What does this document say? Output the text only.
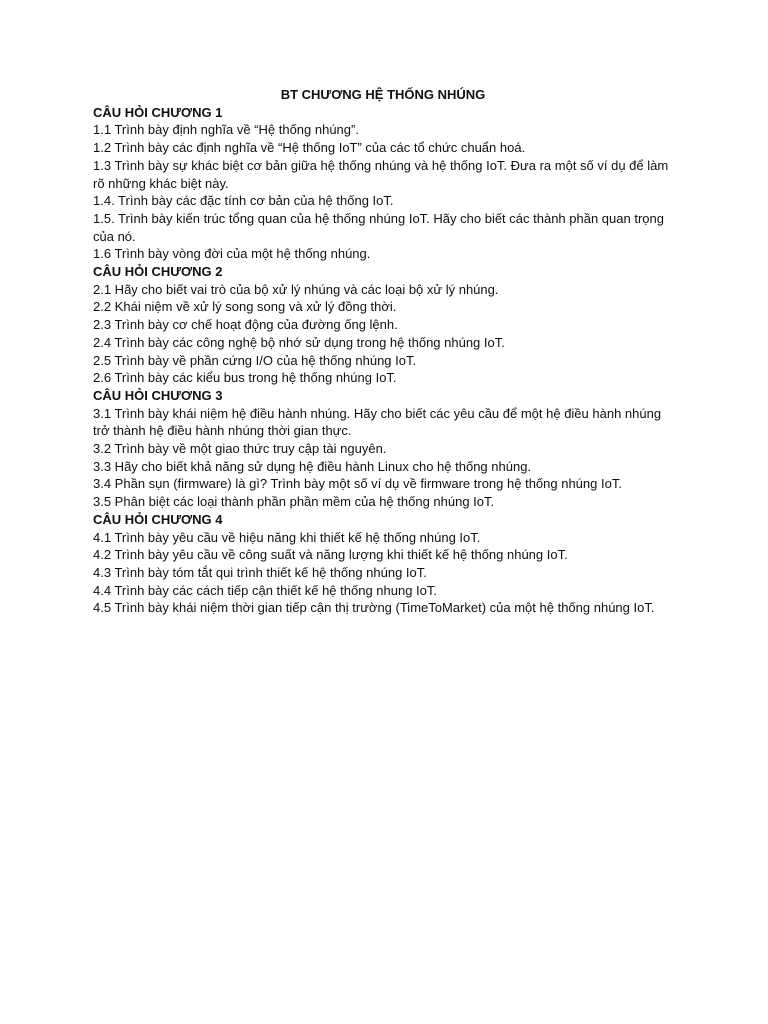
BT CHƯƠNG HỆ THỐNG NHÚNG

CÂU HỎI CHƯƠNG 1

1.1 Trình bày định nghĩa về “Hệ thống nhúng”.

1.2 Trình bày các định nghĩa về “Hệ thống IoT” của các tổ chức chuẩn hoá.

1.3 Trình bày sự khác biệt cơ bản giữa hệ thống nhúng và hệ thống IoT. Đưa ra một số ví dụ để làm rõ những khác biệt này.

1.4. Trình bày các đặc tính cơ bản của hệ thống IoT.

1.5. Trình bày kiến trúc tổng quan của hệ thống nhúng IoT. Hãy cho biết các thành phần quan trọng của nó.

1.6 Trình bày vòng đời của một hệ thống nhúng.

CÂU HỎI CHƯƠNG 2

2.1 Hãy cho biết vai trò của bộ xử lý nhúng và các loại bộ xử lý nhúng.

2.2 Khái niệm về xử lý song song và xử lý đồng thời.

2.3 Trình bày cơ chế hoạt động của đường ống lệnh.

2.4 Trình bày các công nghệ bộ nhớ sử dụng trong hệ thống nhúng IoT.

2.5 Trình bày về phần cứng I/O của hệ thống nhúng IoT.

2.6 Trình bày các kiểu bus trong hệ thống nhúng IoT.

CÂU HỎI CHƯƠNG 3

3.1 Trình bày khái niệm hệ điều hành nhúng. Hãy cho biết các yêu cầu để một hệ điều hành nhúng trở thành hệ điều hành nhúng thời gian thực.

3.2 Trình bày về một giao thức truy cập tài nguyên.

3.3 Hãy cho biết khả năng sử dụng hệ điều hành Linux cho hệ thống nhúng.

3.4 Phần sụn (firmware) là gì? Trình bày một số ví dụ về firmware trong hệ thống nhúng IoT.

3.5 Phân biệt các loại thành phần phần mềm của hệ thống nhúng IoT.

CÂU HỎI CHƯƠNG 4

4.1 Trình bày yêu cầu về hiệu năng khi thiết kế hệ thống nhúng IoT.

4.2 Trình bày yêu cầu về công suất và năng lượng khi thiết kế hệ thống nhúng IoT.

4.3 Trình bày tóm tắt qui trình thiết kế hệ thống nhúng IoT.

4.4 Trình bày các cách tiếp cận thiết kế hệ thống nhung IoT.

4.5 Trình bày khái niệm thời gian tiếp cận thị trường (TimeToMarket) của một hệ thống nhúng IoT.
